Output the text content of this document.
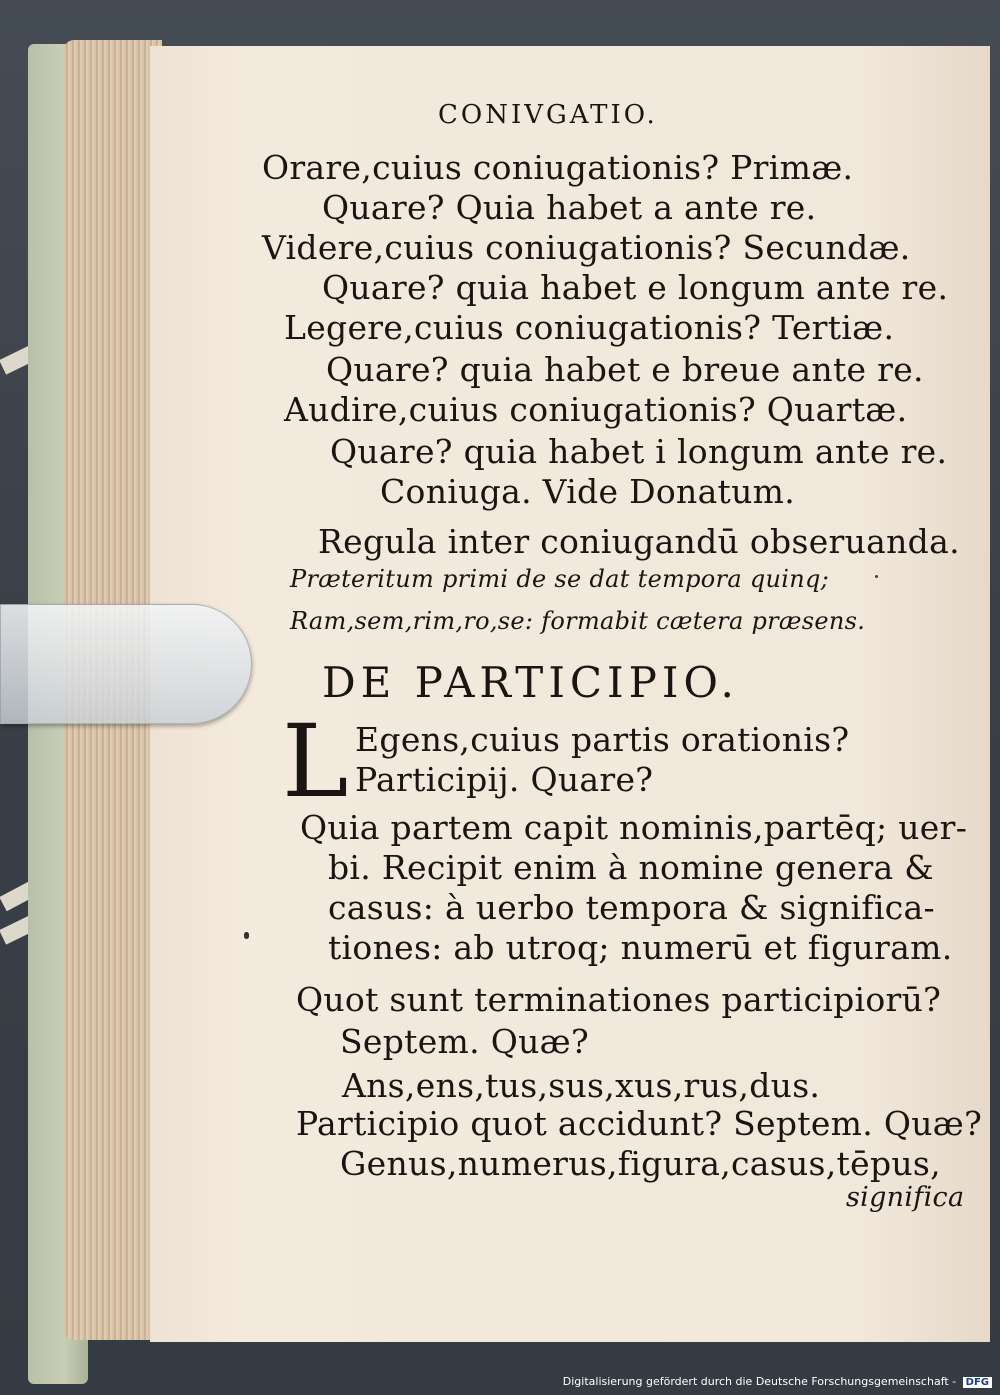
CONIVGATIO.
Orare,cuius coniugationis? Primæ.
Quare? Quia habet a ante re.
Videre,cuius coniugationis? Secundæ.
Quare? quia habet e longum ante re.
Legere,cuius coniugationis? Tertiæ.
Quare? quia habet e breue ante re.
Audire,cuius coniugationis? Quartæ.
Quare? quia habet i longum ante re.
Coniuga. Vide Donatum.
Regula inter coniugandū obseruanda.
Præteritum primi de se dat tempora quinq;
Ram,sem,rim,ro,se: formabit cætera præsens.
DE PARTICIPIO.
L Egens,cuius partis orationis?
Participij. Quare?
Quia partem capit nominis,partēq; uer-
bi. Recipit enim à nomine genera &
casus: à uerbo tempora & significa-
tiones: ab utroq; numerū et figuram.
Quot sunt terminationes participiorū?
Septem. Quæ?
Ans,ens,tus,sus,xus,rus,dus.
Participio quot accidunt? Septem. Quæ?
Genus,numerus,figura,casus,tēpus,
significa
Digitalisierung gefördert durch die Deutsche Forschungsgemeinschaft - DFG
